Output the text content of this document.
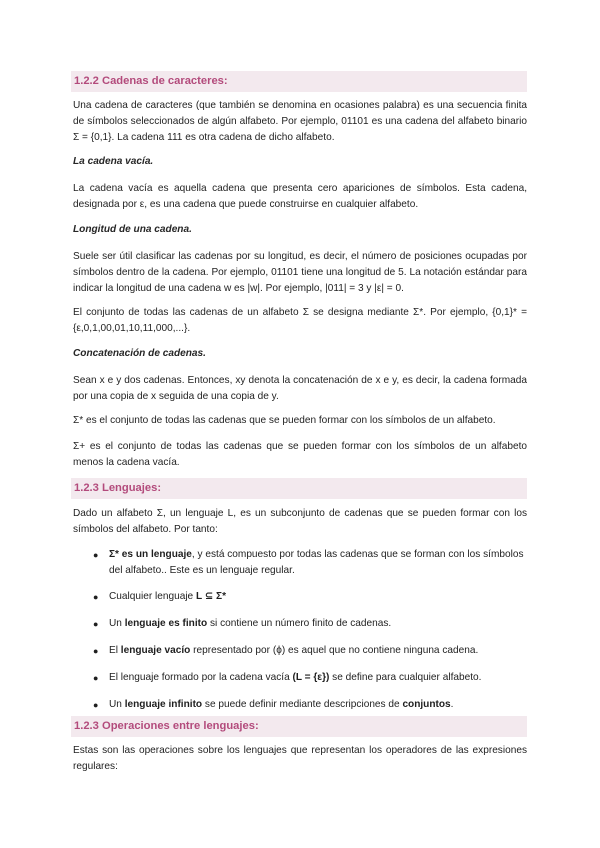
1.2.2 Cadenas de caracteres:

Una cadena de caracteres (que también se denomina en ocasiones palabra) es una secuencia finita de símbolos seleccionados de algún alfabeto. Por ejemplo, 01101 es una cadena del alfabeto binario Σ = {0,1}. La cadena 111 es otra cadena de dicho alfabeto.

La cadena vacía.

La cadena vacía es aquella cadena que presenta cero apariciones de símbolos. Esta cadena, designada por ε, es una cadena que puede construirse en cualquier alfabeto.

Longitud de una cadena.

Suele ser útil clasificar las cadenas por su longitud, es decir, el número de posiciones ocupadas por símbolos dentro de la cadena. Por ejemplo, 01101 tiene una longitud de 5. La notación estándar para indicar la longitud de una cadena w es |w|. Por ejemplo, |011| = 3 y |ε| = 0.

El conjunto de todas las cadenas de un alfabeto Σ se designa mediante Σ*. Por ejemplo, {0,1}* = {ε,0,1,00,01,10,11,000,...}.

Concatenación de cadenas.

Sean x e y dos cadenas. Entonces, xy denota la concatenación de x e y, es decir, la cadena formada por una copia de x seguida de una copia de y.

Σ* es el conjunto de todas las cadenas que se pueden formar con los símbolos de un alfabeto.

Σ+ es el conjunto de todas las cadenas que se pueden formar con los símbolos de un alfabeto menos la cadena vacía.

1.2.3 Lenguajes:

Dado un alfabeto Σ, un lenguaje L, es un subconjunto de cadenas que se pueden formar con los símbolos del alfabeto. Por tanto:

● Σ* es un lenguaje, y está compuesto por todas las cadenas que se forman con los símbolos del alfabeto.. Este es un lenguaje regular.
● Cualquier lenguaje L ⊆ Σ*
● Un lenguaje es finito si contiene un número finito de cadenas.
● El lenguaje vacío representado por (ϕ) es aquel que no contiene ninguna cadena.
● El lenguaje formado por la cadena vacía (L = {ε}) se define para cualquier alfabeto.
● Un lenguaje infinito se puede definir mediante descripciones de conjuntos.
1.2.3 Operaciones entre lenguajes:

Estas son las operaciones sobre los lenguajes que representan los operadores de las expresiones regulares:
